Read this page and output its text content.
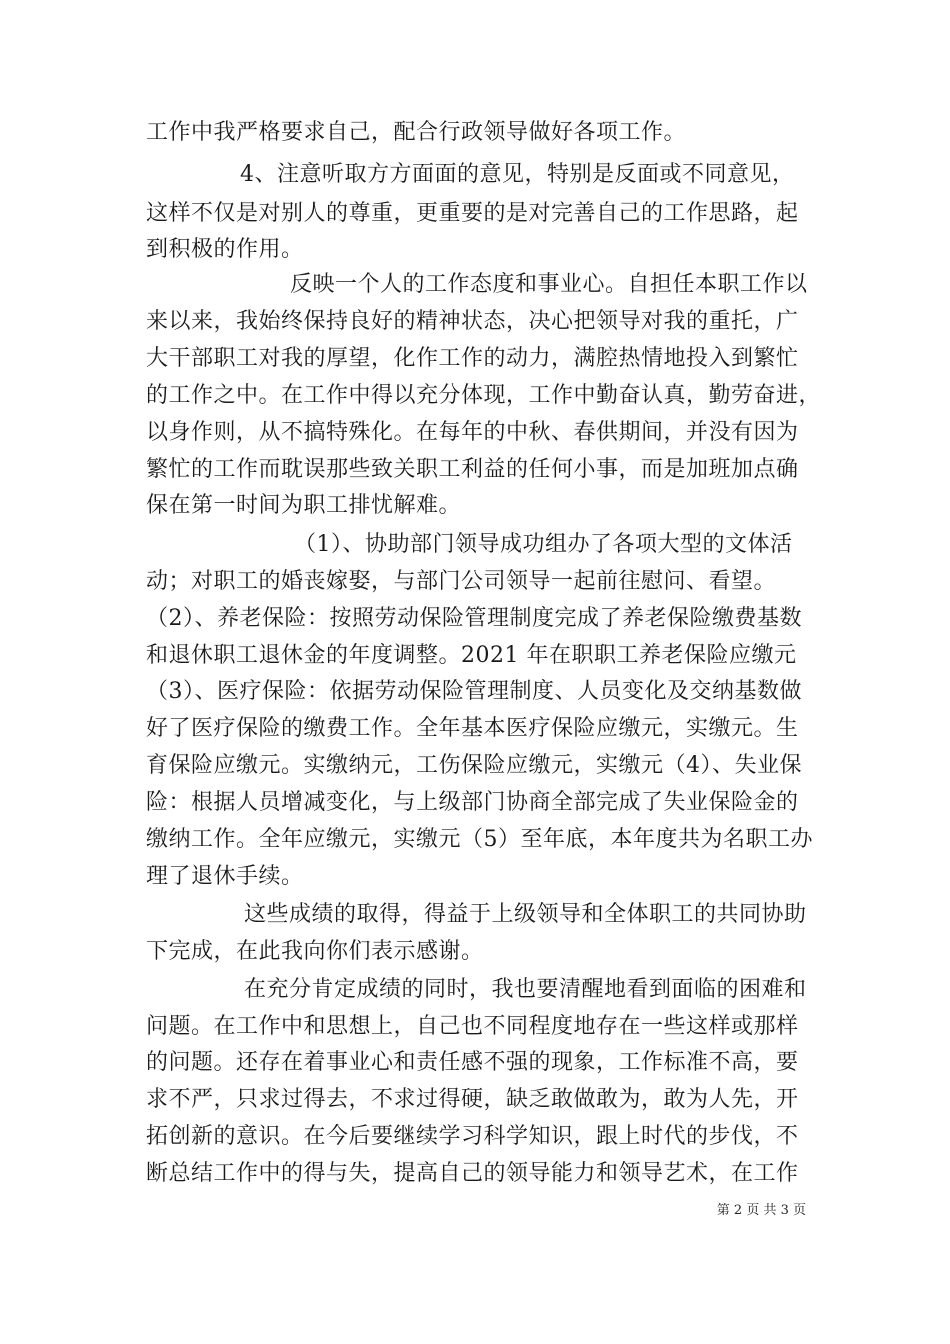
工作中我严格要求自己，配合行政领导做好各项工作。
4、注意听取方方面面的意见，特别是反面或不同意见，
这样不仅是对别人的尊重，更重要的是对完善自己的工作思路，起
到积极的作用。
反映一个人的工作态度和事业心。自担任本职工作以
来以来，我始终保持良好的精神状态，决心把领导对我的重托，广
大干部职工对我的厚望，化作工作的动力，满腔热情地投入到繁忙
的工作之中。在工作中得以充分体现，工作中勤奋认真，勤劳奋进，
以身作则，从不搞特殊化。在每年的中秋、春供期间，并没有因为
繁忙的工作而耽误那些致关职工利益的任何小事，而是加班加点确
保在第一时间为职工排忧解难。
（1）、协助部门领导成功组办了各项大型的文体活
动；对职工的婚丧嫁娶，与部门公司领导一起前往慰问、看望。
（2）、养老保险：按照劳动保险管理制度完成了养老保险缴费基数
和退休职工退休金的年度调整。2021 年在职职工养老保险应缴元
（3）、医疗保险：依据劳动保险管理制度、人员变化及交纳基数做
好了医疗保险的缴费工作。全年基本医疗保险应缴元，实缴元。生
育保险应缴元。实缴纳元，工伤保险应缴元，实缴元（4）、失业保
险：根据人员增减变化，与上级部门协商全部完成了失业保险金的
缴纳工作。全年应缴元，实缴元（5）至年底，本年度共为名职工办
理了退休手续。
这些成绩的取得，得益于上级领导和全体职工的共同协助
下完成，在此我向你们表示感谢。
在充分肯定成绩的同时，我也要清醒地看到面临的困难和
问题。在工作中和思想上，自己也不同程度地存在一些这样或那样
的问题。还存在着事业心和责任感不强的现象，工作标准不高，要
求不严，只求过得去，不求过得硬，缺乏敢做敢为，敢为人先，开
拓创新的意识。在今后要继续学习科学知识，跟上时代的步伐，不
断总结工作中的得与失，提高自己的领导能力和领导艺术，在工作
第 2 页 共 3 页
